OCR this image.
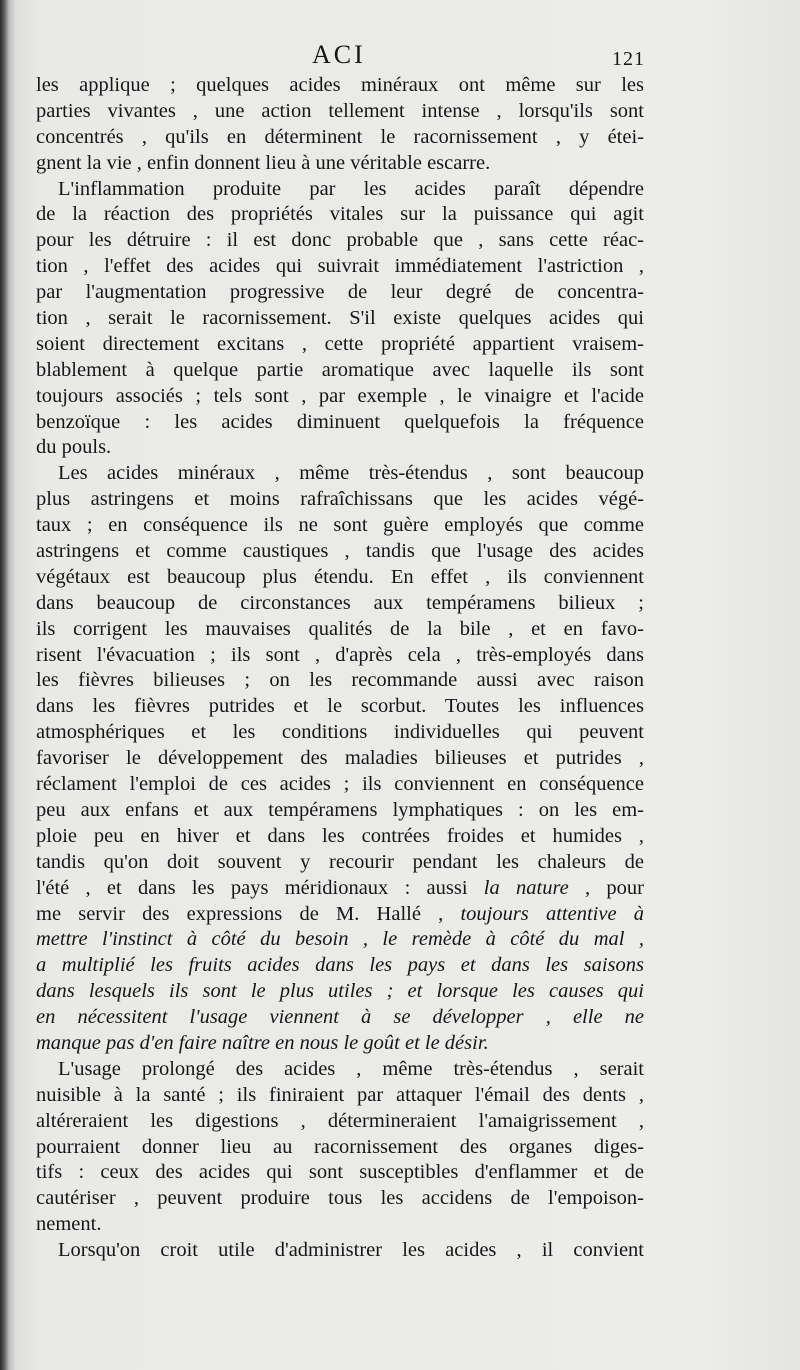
ACI	121
les applique ; quelques acides minéraux ont même sur les
parties vivantes , une action tellement intense , lorsqu'ils sont
concentrés , qu'ils en déterminent le racornissement , y étei-
gnent la vie , enfin donnent lieu à une véritable escarre.
L'inflammation produite par les acides paraît dépendre
de la réaction des propriétés vitales sur la puissance qui agit
pour les détruire : il est donc probable que , sans cette réac-
tion , l'effet des acides qui suivrait immédiatement l'astriction ,
par l'augmentation progressive de leur degré de concentra-
tion , serait le racornissement. S'il existe quelques acides qui
soient directement excitans , cette propriété appartient vraisem-
blablement à quelque partie aromatique avec laquelle ils sont
toujours associés ; tels sont , par exemple , le vinaigre et l'acide
benzoïque : les acides diminuent quelquefois la fréquence
du pouls.
Les acides minéraux , même très-étendus , sont beaucoup
plus astringens et moins rafraîchissans que les acides végé-
taux ; en conséquence ils ne sont guère employés que comme
astringens et comme caustiques , tandis que l'usage des acides
végétaux est beaucoup plus étendu. En effet , ils conviennent
dans beaucoup de circonstances aux tempéramens bilieux ;
ils corrigent les mauvaises qualités de la bile , et en favo-
risent l'évacuation ; ils sont , d'après cela , très-employés dans
les fièvres bilieuses ; on les recommande aussi avec raison
dans les fièvres putrides et le scorbut. Toutes les influences
atmosphériques et les conditions individuelles qui peuvent
favoriser le développement des maladies bilieuses et putrides ,
réclament l'emploi de ces acides ; ils conviennent en conséquence
peu aux enfans et aux tempéramens lymphatiques : on les em-
ploie peu en hiver et dans les contrées froides et humides ,
tandis qu'on doit souvent y recourir pendant les chaleurs de
l'été , et dans les pays méridionaux : aussi la nature , pour
me servir des expressions de M. Hallé , toujours attentive à
mettre l'instinct à côté du besoin , le remède à côté du mal ,
a multiplié les fruits acides dans les pays et dans les saisons
dans lesquels ils sont le plus utiles ; et lorsque les causes qui
en nécessitent l'usage viennent à se développer , elle ne
manque pas d'en faire naître en nous le goût et le désir.
L'usage prolongé des acides , même très-étendus , serait
nuisible à la santé ; ils finiraient par attaquer l'émail des dents ,
altéreraient les digestions , détermineraient l'amaigrissement ,
pourraient donner lieu au racornissement des organes diges-
tifs : ceux des acides qui sont susceptibles d'enflammer et de
cautériser , peuvent produire tous les accidens de l'empoison-
nement.
Lorsqu'on croit utile d'administrer les acides , il convient
